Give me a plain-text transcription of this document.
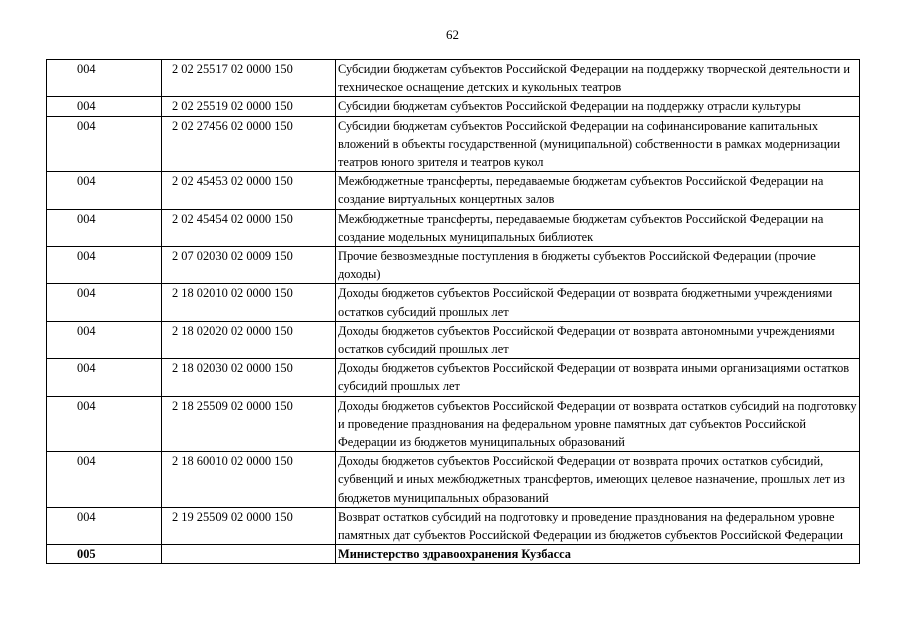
62
004	2 02 25517 02 0000 150	Субсидии бюджетам субъектов Российской Федерации на поддержку творческой деятельности и техническое оснащение детских и кукольных театров
004	2 02 25519 02 0000 150	Субсидии бюджетам субъектов Российской Федерации на поддержку отрасли культуры
004	2 02 27456 02 0000 150	Субсидии бюджетам субъектов Российской Федерации на софинансирование капитальных вложений в объекты государственной (муниципальной) собственности в рамках модернизации театров юного зрителя и театров кукол
004	2 02 45453 02 0000 150	Межбюджетные трансферты, передаваемые бюджетам субъектов Российской Федерации на создание виртуальных концертных залов
004	2 02 45454 02 0000 150	Межбюджетные трансферты, передаваемые бюджетам субъектов Российской Федерации на создание модельных муниципальных библиотек
004	2 07 02030 02 0009 150	Прочие безвозмездные поступления в бюджеты субъектов Российской Федерации (прочие доходы)
004	2 18 02010 02 0000 150	Доходы бюджетов субъектов Российской Федерации от возврата бюджетными учреждениями остатков субсидий прошлых лет
004	2 18 02020 02 0000 150	Доходы бюджетов субъектов Российской Федерации от возврата автономными учреждениями остатков субсидий прошлых лет
004	2 18 02030 02 0000 150	Доходы бюджетов субъектов Российской Федерации от возврата иными организациями остатков субсидий прошлых лет
004	2 18 25509 02 0000 150	Доходы бюджетов субъектов Российской Федерации от возврата остатков субсидий на подготовку и проведение празднования на федеральном уровне памятных дат субъектов Российской Федерации из бюджетов муниципальных образований
004	2 18 60010 02 0000 150	Доходы бюджетов субъектов Российской Федерации от возврата прочих остатков субсидий, субвенций и иных межбюджетных трансфертов, имеющих целевое назначение, прошлых лет из бюджетов муниципальных образований
004	2 19 25509 02 0000 150	Возврат остатков субсидий на подготовку и проведение празднования на федеральном уровне памятных дат субъектов Российской Федерации из бюджетов субъектов Российской Федерации
005		Министерство здравоохранения Кузбасса
